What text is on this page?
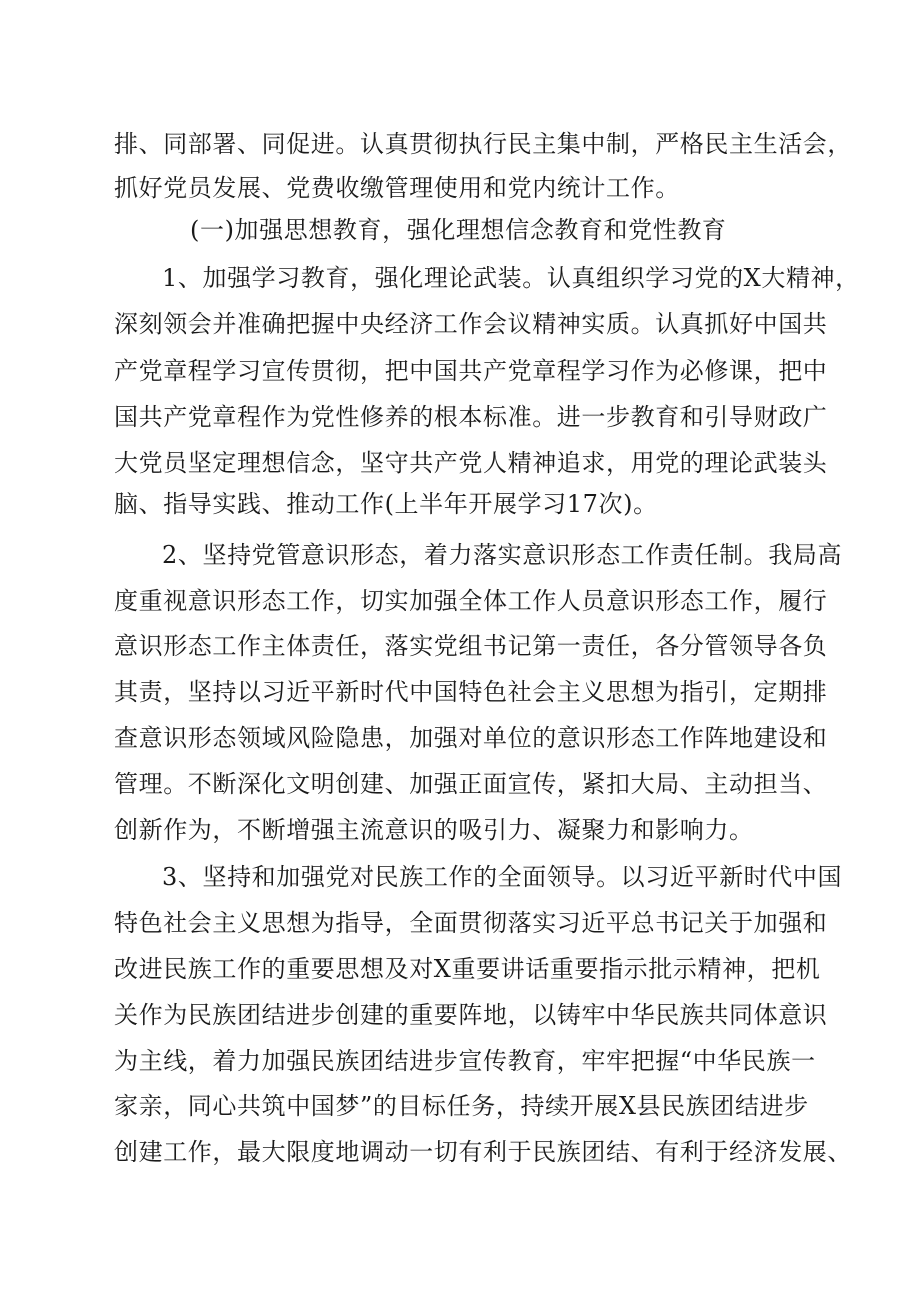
排、同部署、同促进。认真贯彻执行民主集中制，严格民主生活会，
抓好党员发展、党费收缴管理使用和党内统计工作。
(一)加强思想教育，强化理想信念教育和党性教育
1、加强学习教育，强化理论武装。认真组织学习党的X大精神，
深刻领会并准确把握中央经济工作会议精神实质。认真抓好中国共
产党章程学习宣传贯彻，把中国共产党章程学习作为必修课，把中
国共产党章程作为党性修养的根本标准。进一步教育和引导财政广
大党员坚定理想信念，坚守共产党人精神追求，用党的理论武装头
脑、指导实践、推动工作(上半年开展学习17次)。
2、坚持党管意识形态，着力落实意识形态工作责任制。我局高
度重视意识形态工作，切实加强全体工作人员意识形态工作，履行
意识形态工作主体责任，落实党组书记第一责任，各分管领导各负
其责，坚持以习近平新时代中国特色社会主义思想为指引，定期排
查意识形态领域风险隐患，加强对单位的意识形态工作阵地建设和
管理。不断深化文明创建、加强正面宣传，紧扣大局、主动担当、
创新作为，不断增强主流意识的吸引力、凝聚力和影响力。
3、坚持和加强党对民族工作的全面领导。以习近平新时代中国
特色社会主义思想为指导，全面贯彻落实习近平总书记关于加强和
改进民族工作的重要思想及对X重要讲话重要指示批示精神，把机
关作为民族团结进步创建的重要阵地，以铸牢中华民族共同体意识
为主线，着力加强民族团结进步宣传教育，牢牢把握“中华民族一
家亲，同心共筑中国梦”的目标任务，持续开展X县民族团结进步
创建工作，最大限度地调动一切有利于民族团结、有利于经济发展、
